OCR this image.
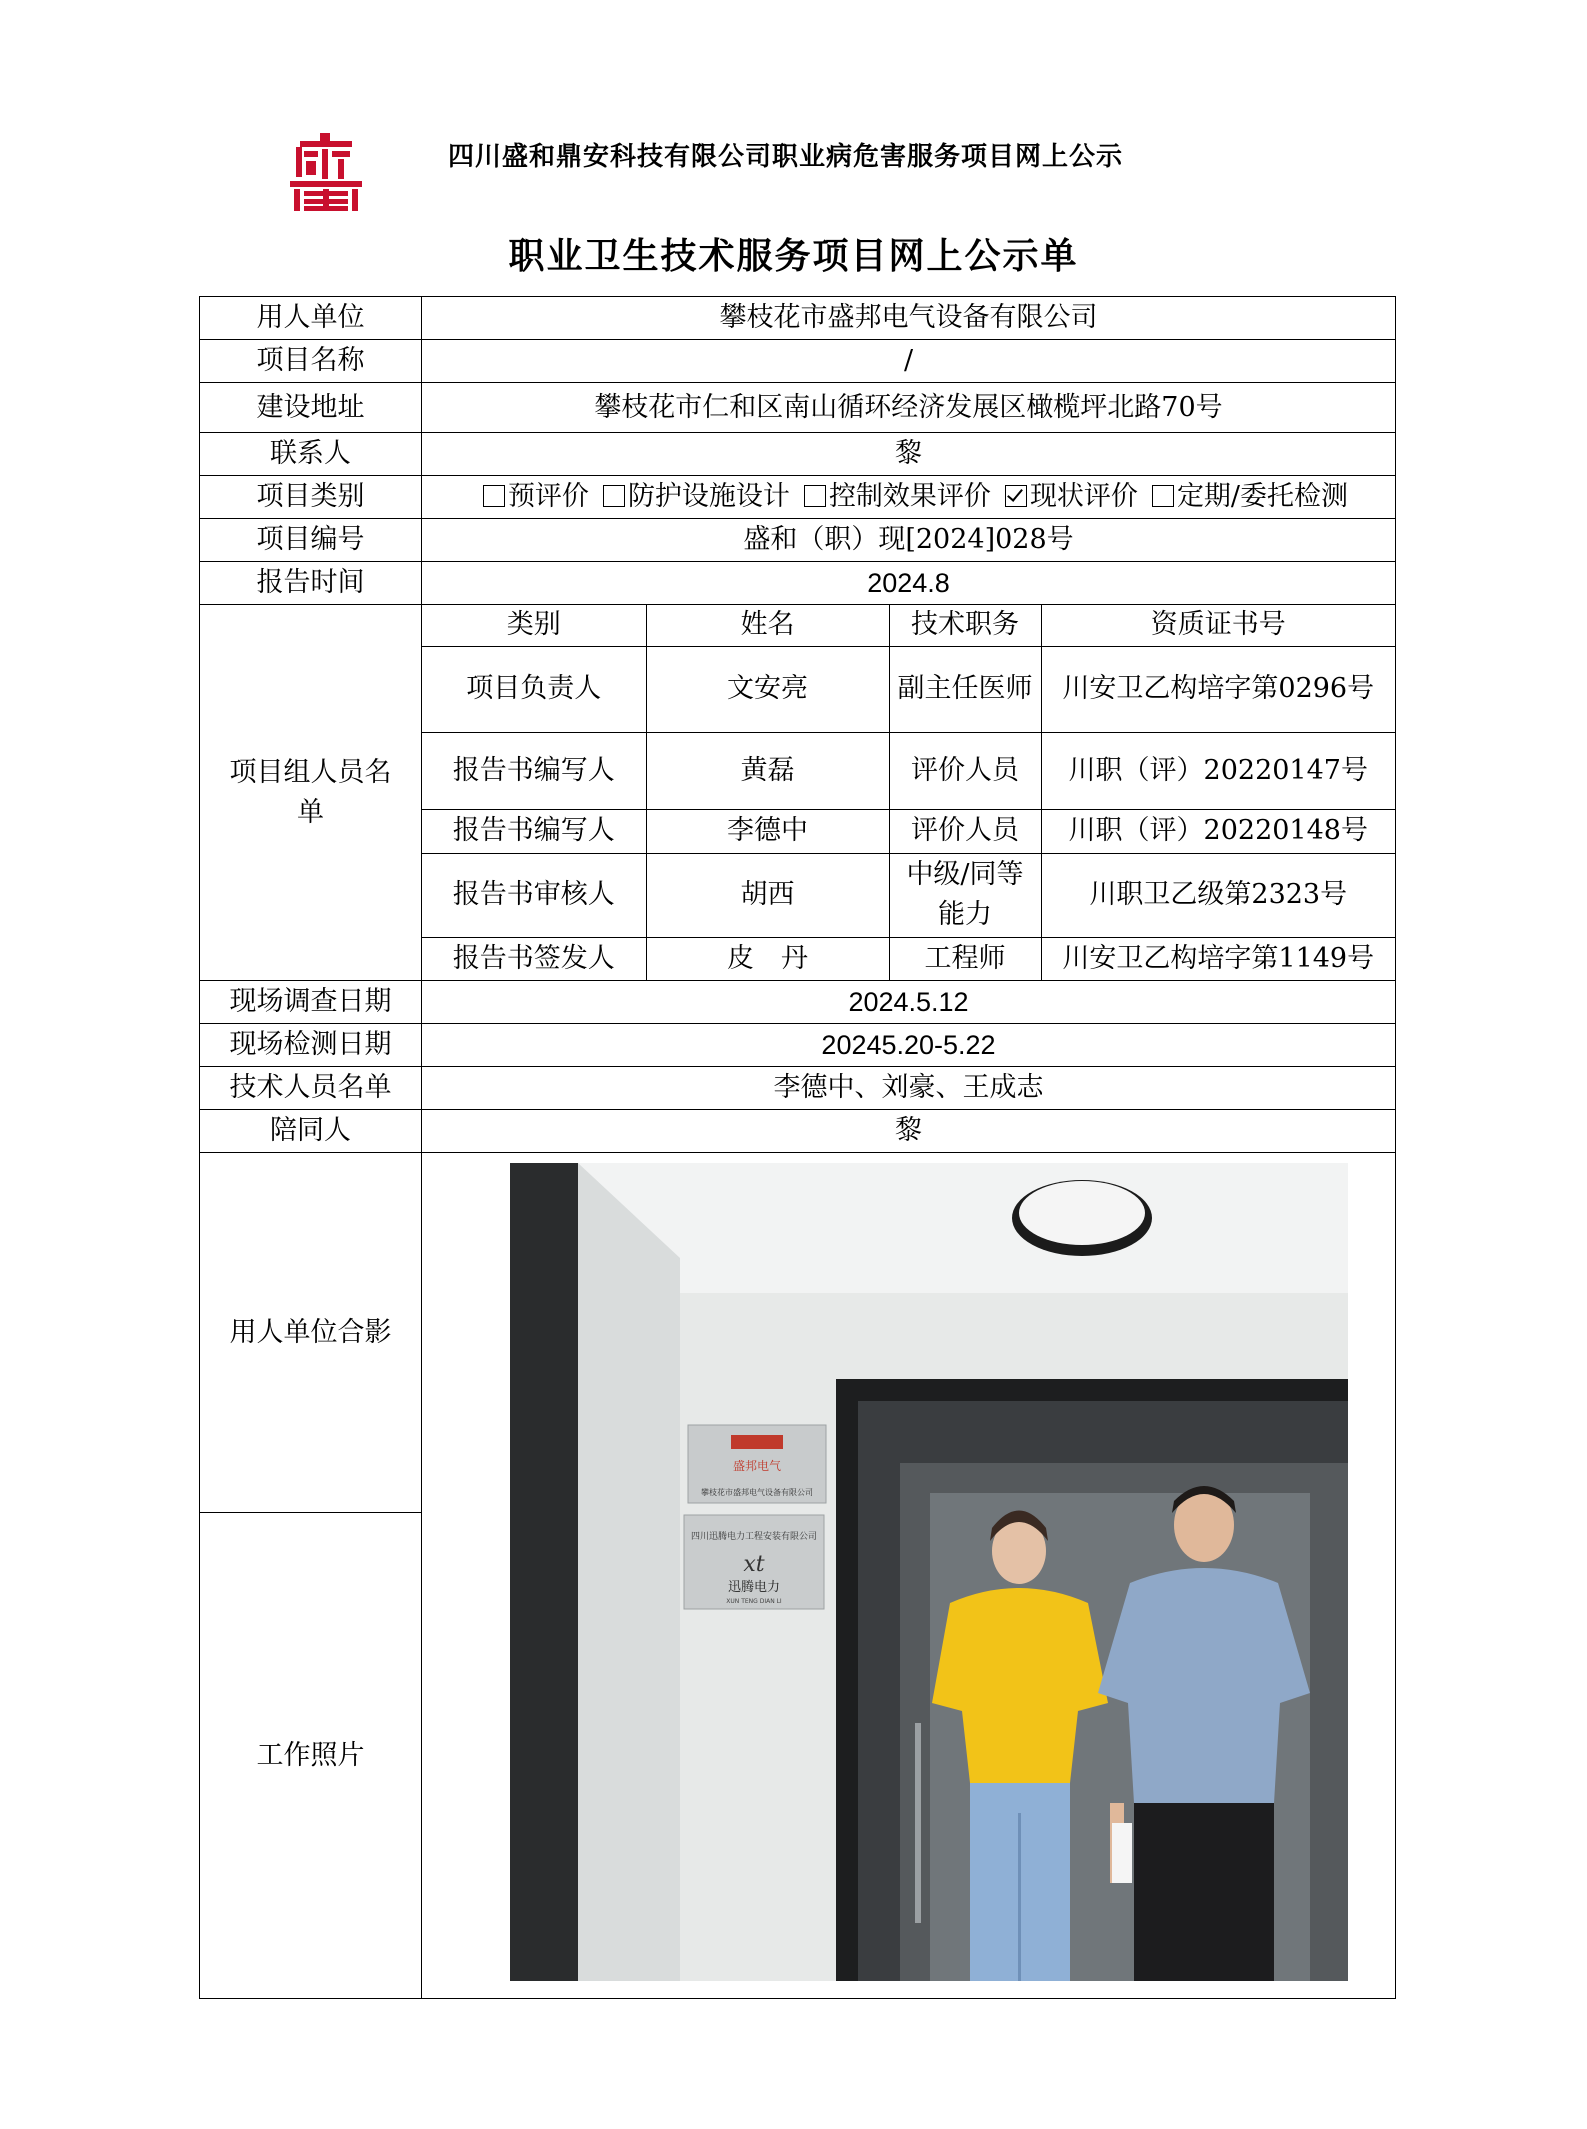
四川盛和鼎安科技有限公司职业病危害服务项目网上公示
职业卫生技术服务项目网上公示单
用人单位	攀枝花市盛邦电气设备有限公司
项目名称	/
建设地址	攀枝花市仁和区南山循环经济发展区橄榄坪北路70号
联系人	黎
项目类别	预评价 防护设施设计 控制效果评价 现状评价 定期/委托检测
项目编号	盛和（职）现[2024]028号
报告时间	2024.8
项目组人员名单	
类别	姓名	技术职务	资质证书号
项目负责人	文安亮	副主任医师	川安卫乙构培字第0296号
报告书编写人	黄磊	评价人员	川职（评）20220147号
报告书编写人	李德中	评价人员	川职（评）20220148号
报告书审核人	胡西	中级/同等能力	川职卫乙级第2323号
报告书签发人	皮　丹	工程师	川安卫乙构培字第1149号

现场调查日期	2024.5.12
现场检测日期	20245.20-5.22
技术人员名单	李德中、刘豪、王成志
陪同人	黎
用人单位合影	
盛邦电气
攀枝花市盛邦电气设备有限公司
四川迅腾电力工程安装有限公司
xt
迅腾电力
XUN TENG DIAN LI

工作照片
